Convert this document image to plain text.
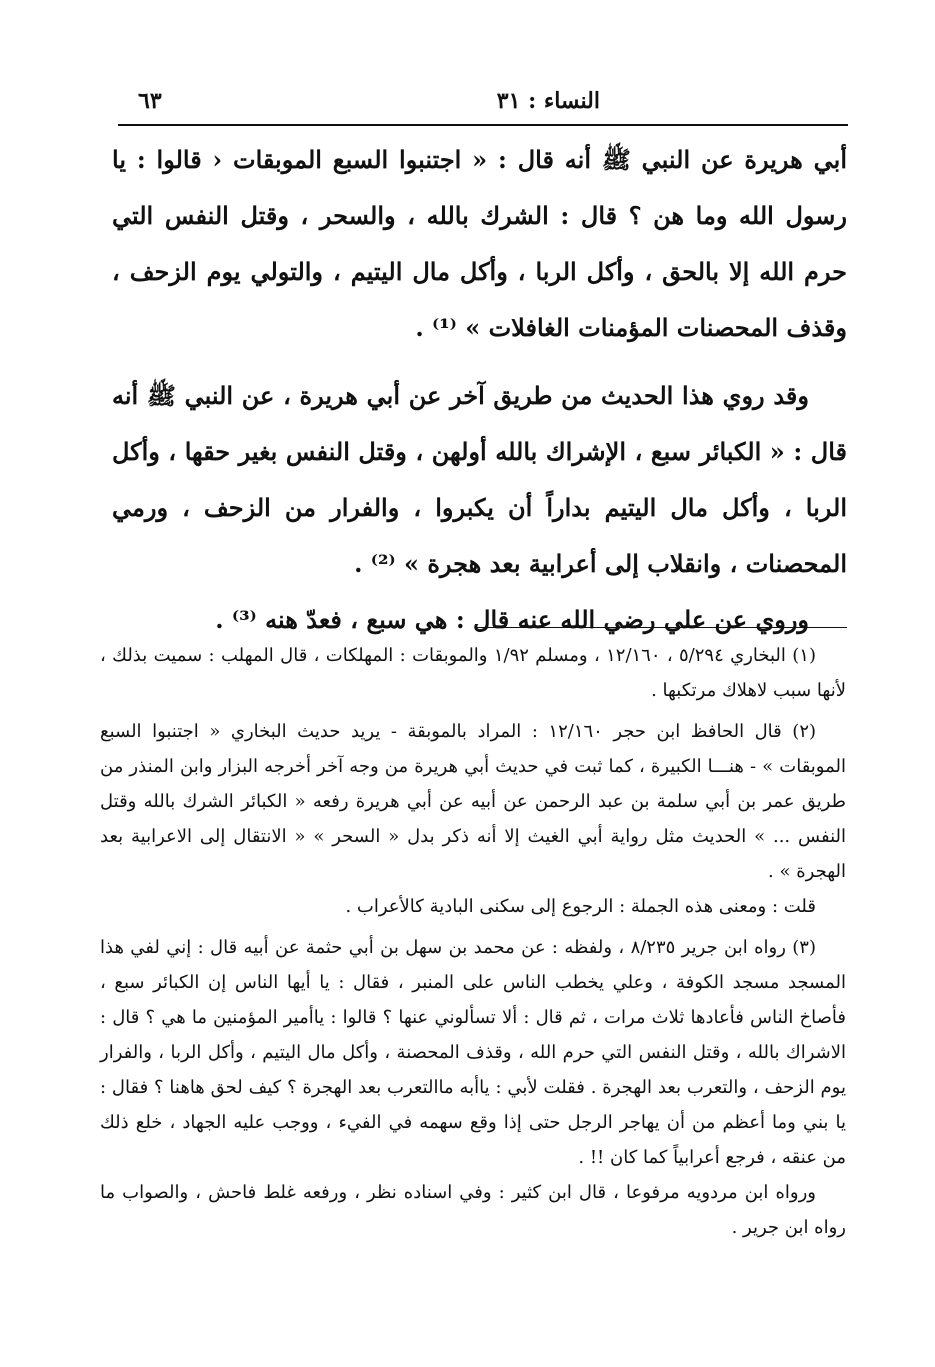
النساء : ٣١
٦٣

أبي هريرة عن النبي ﷺ أنه قال : « اجتنبوا السبع الموبقات ‹ قالوا : يا رسول الله وما هن ؟ قال : الشرك بالله ، والسحر ، وقتل النفس التي حرم الله إلا بالحق ، وأكل الربا ، وأكل مال اليتيم ، والتولي يوم الزحف ، وقذف المحصنات المؤمنات الغافلات » ⁽¹⁾ .

وقد روي هذا الحديث من طريق آخر عن أبي هريرة ، عن النبي ﷺ أنه قال : « الكبائر سبع ، الإشراك بالله أولهن ، وقتل النفس بغير حقها ، وأكل الربا ، وأكل مال اليتيم بداراً أن يكبروا ، والفرار من الزحف ، ورمي المحصنات ، وانقلاب إلى أعرابية بعد هجرة » ⁽²⁾ .

وروي عن علي رضي الله عنه قال : هي سبع ، فعدّ هنه ⁽³⁾ .

(١) البخاري ٥/٢٩٤ ، ١٢/١٦٠ ، ومسلم ١/٩٢ والموبقات : المهلكات ، قال المهلب : سميت بذلك ، لأنها سبب لاهلاك مرتكبها .

(٢) قال الحافظ ابن حجر ١٢/١٦٠ : المراد بالموبقة - يريد حديث البخاري « اجتنبوا السبع الموبقات » - هنـــا الكبيرة ، كما ثبت في حديث أبي هريرة من وجه آخر أخرجه البزار وابن المنذر من طريق عمر بن أبي سلمة بن عبد الرحمن عن أبيه عن أبي هريرة رفعه « الكبائر الشرك بالله وقتل النفس ... » الحديث مثل رواية أبي الغيث إلا أنه ذكر بدل « السحر » « الانتقال إلى الاعرابية بعد الهجرة » .

قلت : ومعنى هذه الجملة : الرجوع إلى سكنى البادية كالأعراب .

(٣) رواه ابن جرير ٨/٢٣٥ ، ولفظه : عن محمد بن سهل بن أبي حثمة عن أبيه قال : إني لفي هذا المسجد مسجد الكوفة ، وعلي يخطب الناس على المنبر ، فقال : يا أيها الناس إن الكبائر سبع ، فأصاخ الناس فأعادها ثلاث مرات ، ثم قال : ألا تسألوني عنها ؟ قالوا : ياأمير المؤمنين ما هي ؟ قال : الاشراك بالله ، وقتل النفس التي حرم الله ، وقذف المحصنة ، وأكل مال اليتيم ، وأكل الربا ، والفرار يوم الزحف ، والتعرب بعد الهجرة . فقلت لأبي : ياأبه ماالتعرب بعد الهجرة ؟ كيف لحق هاهنا ؟ فقال : يا بني وما أعظم من أن يهاجر الرجل حتى إذا وقع سهمه في الفيء ، ووجب عليه الجهاد ، خلع ذلك من عنقه ، فرجع أعرابياً كما كان !! .

ورواه ابن مردويه مرفوعا ، قال ابن كثير : وفي اسناده نظر ، ورفعه غلط فاحش ، والصواب ما رواه ابن جرير .
